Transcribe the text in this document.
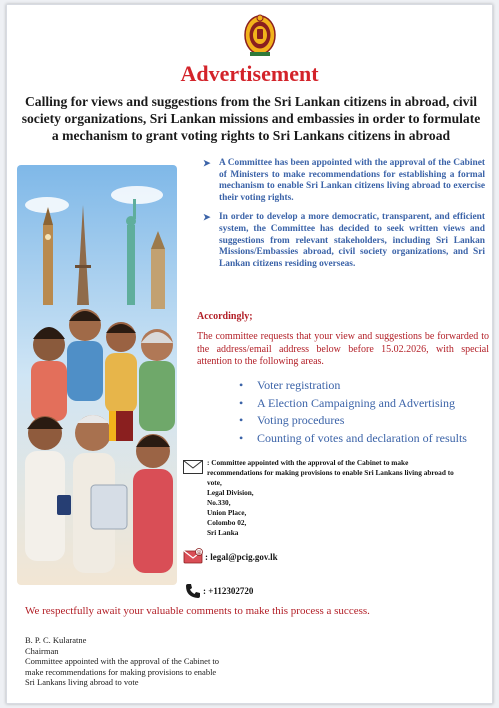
Advertisement
Calling for views and suggestions from the Sri Lankan citizens in abroad, civil
society organizations, Sri Lankan missions and embassies in order to formulate
a mechanism to grant voting rights to Sri Lankans citizens in abroad
➤ A Committee has been appointed with the approval of the Cabinet of Ministers to make recommendations for establishing a formal mechanism to enable Sri Lankan citizens living abroad to exercise their voting rights.
➤ In order to develop a more democratic, transparent, and efficient system, the Committee has decided to seek written views and suggestions from relevant stakeholders, including Sri Lankan Missions/Embassies abroad, civil society organizations, and Sri Lankan citizens residing overseas.
Accordingly;
The committee requests that your view and suggestions be forwarded to the address/email address below before 15.02.2026, with special attention to the following areas.
• Voter registration
• A Election Campaigning and Advertising
• Voting procedures
• Counting of votes and declaration of results
: Committee appointed with the approval of the Cabinet to make
recommendations for making provisions to enable Sri Lankans living abroad to
vote,
Legal Division,
No.330,
Union Place,
Colombo 02,
Sri Lanka
@ : legal@pcig.gov.lk
: +112302720
We respectfully await your valuable comments to make this process a success.
B. P. C. Kularatne
Chairman
Committee appointed with the approval of the Cabinet to
make recommendations for making provisions to enable
Sri Lankans living abroad to vote
